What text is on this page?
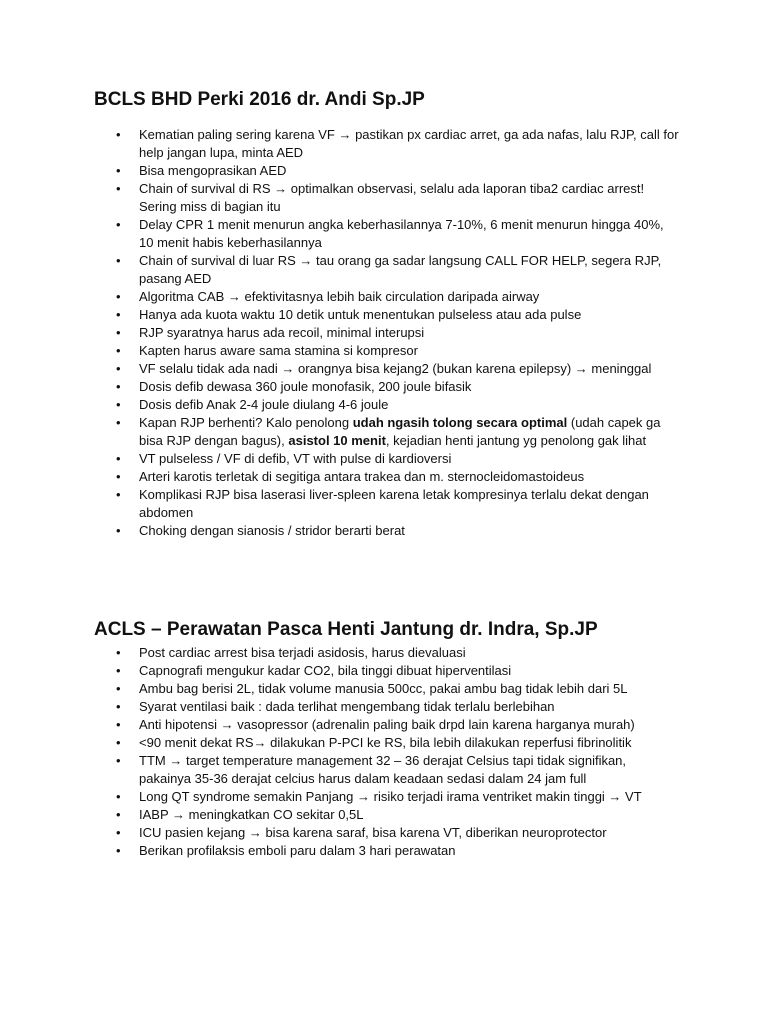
BCLS BHD Perki 2016 dr. Andi Sp.JP
• Kematian paling sering karena VF → pastikan px cardiac arret, ga ada nafas, lalu RJP, call for help jangan lupa, minta AED
• Bisa mengoprasikan AED
• Chain of survival di RS → optimalkan observasi, selalu ada laporan tiba2 cardiac arrest! Sering miss di bagian itu
• Delay CPR 1 menit menurun angka keberhasilannya 7-10%, 6 menit menurun hingga 40%, 10 menit habis keberhasilannya
• Chain of survival di luar RS → tau orang ga sadar langsung CALL FOR HELP, segera RJP, pasang AED
• Algoritma CAB → efektivitasnya lebih baik circulation daripada airway
• Hanya ada kuota waktu 10 detik untuk menentukan pulseless atau ada pulse
• RJP syaratnya harus ada recoil, minimal interupsi
• Kapten harus aware sama stamina si kompresor
• VF selalu tidak ada nadi → orangnya bisa kejang2 (bukan karena epilepsy) → meninggal
• Dosis defib dewasa 360 joule monofasik, 200 joule bifasik
• Dosis defib Anak 2-4 joule diulang 4-6 joule
• Kapan RJP berhenti? Kalo penolong udah ngasih tolong secara optimal (udah capek ga bisa RJP dengan bagus), asistol 10 menit, kejadian henti jantung yg penolong gak lihat
• VT pulseless / VF di defib, VT with pulse di kardioversi
• Arteri karotis terletak di segitiga antara trakea dan m. sternocleidomastoideus
• Komplikasi RJP bisa laserasi liver-spleen karena letak kompresinya terlalu dekat dengan abdomen
• Choking dengan sianosis / stridor berarti berat
ACLS – Perawatan Pasca Henti Jantung dr. Indra, Sp.JP
• Post cardiac arrest bisa terjadi asidosis, harus dievaluasi
• Capnografi mengukur kadar CO2, bila tinggi dibuat hiperventilasi
• Ambu bag berisi 2L, tidak volume manusia 500cc, pakai ambu bag tidak lebih dari 5L
• Syarat ventilasi baik : dada terlihat mengembang tidak terlalu berlebihan
• Anti hipotensi → vasopressor (adrenalin paling baik drpd lain karena harganya murah)
• <90 menit dekat RS→ dilakukan P-PCI ke RS, bila lebih dilakukan reperfusi fibrinolitik
• TTM → target temperature management 32 – 36 derajat Celsius tapi tidak signifikan, pakainya 35-36 derajat celcius harus dalam keadaan sedasi dalam 24 jam full
• Long QT syndrome semakin Panjang → risiko terjadi irama ventriket makin tinggi → VT
• IABP → meningkatkan CO sekitar 0,5L
• ICU pasien kejang → bisa karena saraf, bisa karena VT, diberikan neuroprotector
• Berikan profilaksis emboli paru dalam 3 hari perawatan
